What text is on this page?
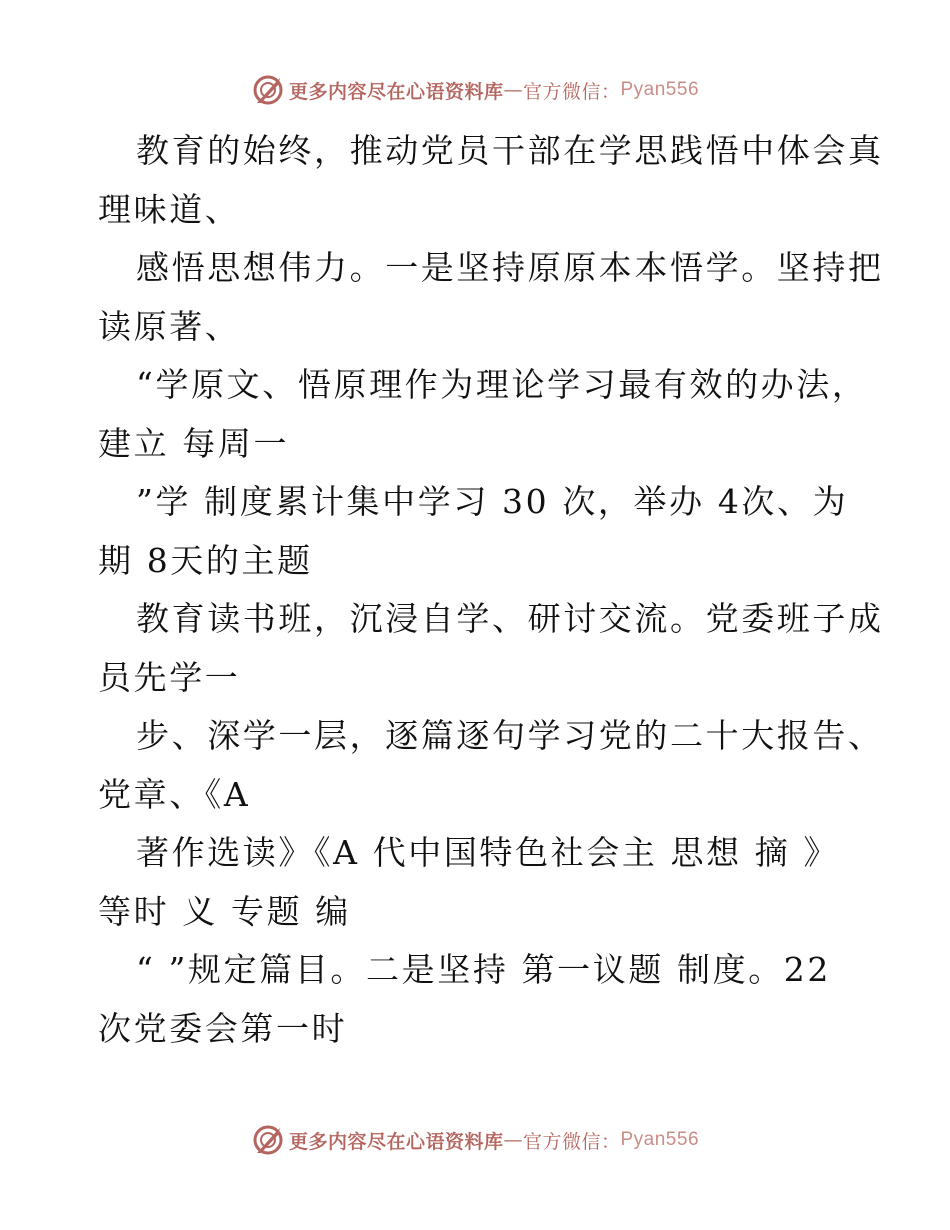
更多内容尽在心语资料库 — 官方微信： Pyan556
教育的始终，推动党员干部在学思践悟中体会真
理味道、
感悟思想伟力。一是坚持原原本本悟学。坚持把
读原著、
“学原文、悟原理作为理论学习最有效的办法，
建立 每周一
”学 制度累计集中学习 30 次，举办 4次、为
期 8天的主题
教育读书班，沉浸自学、研讨交流。党委班子成
员先学一
步、深学一层，逐篇逐句学习党的二十大报告、
党章、《A
著作选读》《A 代中国特色社会主 思想 摘 》
等时 义 专题 编
“ ”规定篇目。二是坚持 第一议题 制度。22
次党委会第一时
更多内容尽在心语资料库 — 官方微信： Pyan556
